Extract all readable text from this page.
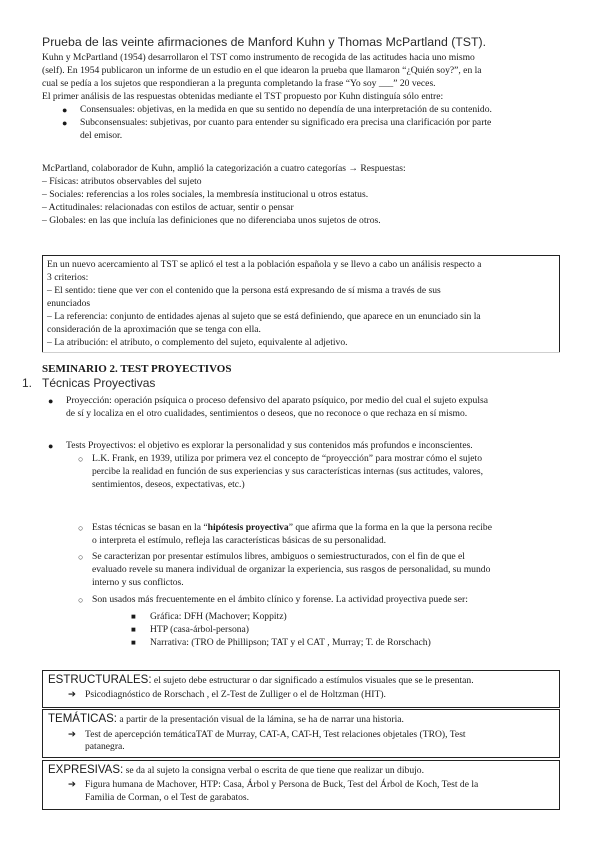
Prueba de las veinte afirmaciones de Manford Kuhn y Thomas McPartland (TST).
Kuhn y McPartland (1954) desarrollaron el TST como instrumento de recogida de las actitudes hacia uno mismo
(self). En 1954 publicaron un informe de un estudio en el que idearon la prueba que llamaron “¿Quién soy?”, en la
cual se pedía a los sujetos que respondieran a la pregunta completando la frase “Yo soy ___” 20 veces.
El primer análisis de las respuestas obtenidas mediante el TST propuesto por Kuhn distinguía sólo entre:
● Consensuales: objetivas, en la medida en que su sentido no dependía de una interpretación de su contenido.
● Subconsensuales: subjetivas, por cuanto para entender su significado era precisa una clarificación por parte
del emisor.
McPartland, colaborador de Kuhn, amplió la categorización a cuatro categorías → Respuestas:
– Físicas: atributos observables del sujeto
– Sociales: referencias a los roles sociales, la membresía institucional u otros estatus.
– Actitudinales: relacionadas con estilos de actuar, sentir o pensar
– Globales: en las que incluía las definiciones que no diferenciaba unos sujetos de otros.
En un nuevo acercamiento al TST se aplicó el test a la población española y se llevo a cabo un análisis respecto a
3 criterios:
– El sentido: tiene que ver con el contenido que la persona está expresando de sí misma a través de sus
enunciados
– La referencia: conjunto de entidades ajenas al sujeto que se está definiendo, que aparece en un enunciado sin la
consideración de la aproximación que se tenga con ella.
– La atribución: el atributo, o complemento del sujeto, equivalente al adjetivo.
SEMINARIO 2. TEST PROYECTIVOS
1. Técnicas Proyectivas
● Proyección: operación psíquica o proceso defensivo del aparato psíquico, por medio del cual el sujeto expulsa
de sí y localiza en el otro cualidades, sentimientos o deseos, que no reconoce o que rechaza en sí mismo.
● Tests Proyectivos: el objetivo es explorar la personalidad y sus contenidos más profundos e inconscientes.
○ L.K. Frank, en 1939, utiliza por primera vez el concepto de “proyección” para mostrar cómo el sujeto
percibe la realidad en función de sus experiencias y sus características internas (sus actitudes, valores,
sentimientos, deseos, expectativas, etc.)
○ Estas técnicas se basan en la “hipótesis proyectiva” que afirma que la forma en la que la persona recibe
o interpreta el estímulo, refleja las características básicas de su personalidad.
○ Se caracterizan por presentar estímulos libres, ambiguos o semiestructurados, con el fin de que el
evaluado revele su manera individual de organizar la experiencia, sus rasgos de personalidad, su mundo
interno y sus conflictos.
○ Son usados más frecuentemente en el ámbito clínico y forense. La actividad proyectiva puede ser:
■ Gráfica: DFH (Machover; Koppitz)
■ HTP (casa-árbol-persona)
■ Narrativa: (TRO de Phillipson; TAT y el CAT , Murray; T. de Rorschach)
ESTRUCTURALES: el sujeto debe estructurar o dar significado a estímulos visuales que se le presentan.
➔ Psicodiagnóstico de Rorschach , el Z-Test de Zulliger o el de Holtzman (HIT).
TEMÁTICAS: a partir de la presentación visual de la lámina, se ha de narrar una historia.
➔ Test de apercepción temáticaTAT de Murray, CAT-A, CAT-H, Test relaciones objetales (TRO), Test
patanegra.
EXPRESIVAS: se da al sujeto la consigna verbal o escrita de que tiene que realizar un dibujo.
➔ Figura humana de Machover, HTP: Casa, Árbol y Persona de Buck, Test del Árbol de Koch, Test de la
Familia de Corman, o el Test de garabatos.
